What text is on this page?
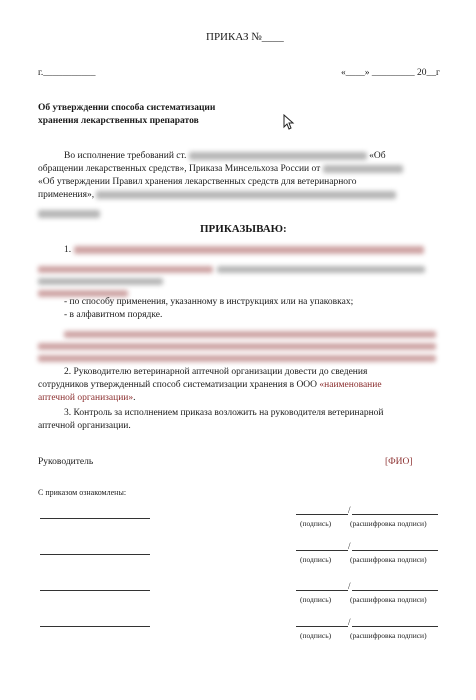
ПРИКАЗ №____
г.___________	«____» _________ 20__г
Об утверждении способа систематизации
хранения лекарственных препаратов
Во исполнение требований ст.	«Об
обращении лекарственных средств», Приказа Минсельхоза России от
«Об утверждении Правил хранения лекарственных средств для ветеринарного
применения»,
ПРИКАЗЫВАЮ:
1.

- по способу применения, указанному в инструкциях или на упаковках;
- в алфавитном порядке.
2. Руководителю ветеринарной аптечной организации довести до сведения
сотрудников утвержденный способ систематизации хранения в ООО «наименование
аптечной организации».
3. Контроль за исполнением приказа возложить на руководителя ветеринарной
аптечной организации.
Руководитель	[ФИО]
С приказом ознакомлены:
/
(подпись)	(расшифровка подписи)
/
(подпись)	(расшифровка подписи)
/
(подпись)	(расшифровка подписи)
/
(подпись)	(расшифровка подписи)
